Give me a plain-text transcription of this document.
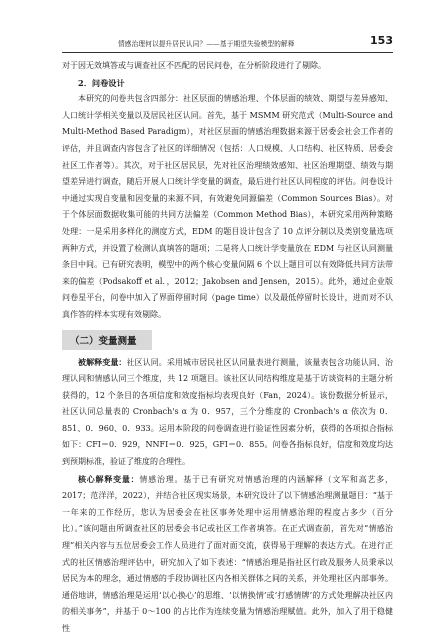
情感治理何以提升居民认同？——基于期望失验模型的解释	153

对于因无效填答或与调查社区不匹配的居民问卷，在分析阶段进行了剔除。

2．问卷设计

本研究的问卷共包含四部分：社区层面的情感治理、个体层面的绩效、期望与差异感知、人口统计学相关变量以及居民社区认同。首先，基于 MSMM 研究范式（Multi-Source and Multi-Method Based Paradigm），对社区层面的情感治理数据来源于居委会社会工作者的评估，并且调查内容包含了社区的详细情况（包括：人口规模、人口结构、社区特质、居委会社区工作者等）。其次，对于社区居民层，先对社区治理绩效感知、社区治理期望、绩效与期望差异进行调查，随后开展人口统计学变量的调查，最后进行社区认同程度的评估。问卷设计中通过实现自变量和因变量的来源不同，有效避免同源偏差（Common Sources Bias）。对于个体层面数据收集可能的共同方法偏差（Common Method Bias），本研究采用两种策略处理：一是采用多样化的测度方式，EDM 的题目设计包含了 10 点评分制以及类别变量选项两种方式，并设置了检测认真填答的题项；二是将人口统计学变量放在 EDM 与社区认同测量条目中间。已有研究表明，模型中的两个核心变量间隔 6 个以上题目可以有效降低共同方法带来的偏差（Podsakoff et al．，2012；Jakobsen and Jensen，2015）。此外，通过企业版问卷星平台，问卷中加入了界面停留时间（page time）以及最低停留时长设计，进而对不认真作答的样本实现有效剔除。

（二）变量测量

被解释变量：社区认同。采用城市居民社区认同量表进行测量，该量表包含功能认同、治理认同和情感认同三个维度，共 12 项题目。该社区认同结构维度是基于访谈资料的主题分析获得的，12 个条目的各项信度和效度指标均表现良好（Fan，2024）。该份数据分析显示，社区认同总量表的 Cronbach's α 为 0．957，三个分维度的 Cronbach's α 依次为 0．851、0．960、0．933。运用本阶段的问卷调查进行验证性因素分析，获得的各项拟合指标如下：CFI＝0．929，NNFI＝0．925，GFI＝0．855。问卷各指标良好，信度和效度均达到预期标准，验证了维度的合理性。

核心解释变量：情感治理。基于已有研究对情感治理的内涵解释（文军和高艺多，2017；范洋洋，2022），并结合社区现实场景，本研究设计了以下情感治理测量题目：“基于一年来的工作经历，您认为居委会在社区事务处理中运用情感治理的程度占多少（百分比）。”该问题由所调查社区的居委会书记或社区工作者填答。在正式调查前，首先对“情感治理”相关内容与五位居委会工作人员进行了面对面交流，获得易于理解的表达方式。在进行正式的社区情感治理评估中，研究加入了如下表述：“情感治理是指社区行政及服务人员秉承以居民为本的理念，通过情感的手段协调社区内各相关群体之间的关系，并处理社区内部事务。通俗地讲，情感治理是运用‘以心换心’的思维、‘以情换情’或‘打感情牌’的方式处理解决社区内的相关事务”，并基于 0～100 的占比作为连续变量为情感治理赋值。此外，加入了用于稳健性
